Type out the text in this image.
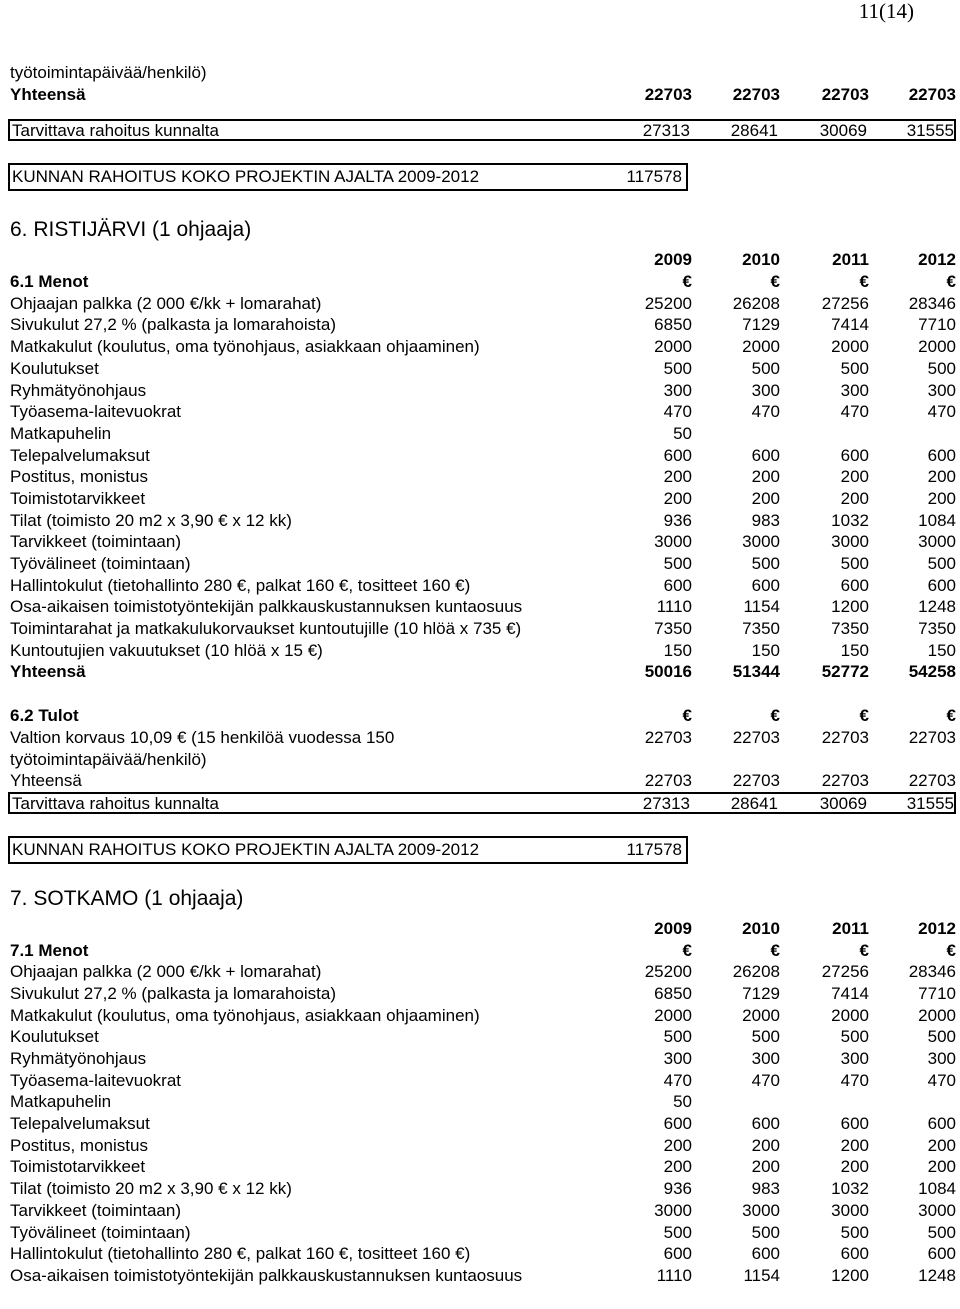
11(14)
työtoimintapäivää/henkilö)
Yhteensä	22703	22703	22703	22703
Tarvittava rahoitus kunnalta	27313	28641	30069	31555
KUNNAN RAHOITUS KOKO PROJEKTIN AJALTA 2009-2012	117578
6. RISTIJÄRVI (1 ohjaaja)
2009	2010	2011	2012
6.1 Menot	€	€	€	€
Ohjaajan palkka (2 000 €/kk + lomarahat)	25200	26208	27256	28346
Sivukulut 27,2 % (palkasta ja lomarahoista)	6850	7129	7414	7710
Matkakulut (koulutus, oma työnohjaus, asiakkaan ohjaaminen)	2000	2000	2000	2000
Koulutukset	500	500	500	500
Ryhmätyönohjaus	300	300	300	300
Työasema-laitevuokrat	470	470	470	470
Matkapuhelin	50
Telepalvelumaksut	600	600	600	600
Postitus, monistus	200	200	200	200
Toimistotarvikkeet	200	200	200	200
Tilat (toimisto 20 m2 x 3,90 € x 12 kk)	936	983	1032	1084
Tarvikkeet (toimintaan)	3000	3000	3000	3000
Työvälineet (toimintaan)	500	500	500	500
Hallintokulut (tietohallinto 280 €, palkat 160 €, tositteet 160 €)	600	600	600	600
Osa-aikaisen toimistotyöntekijän palkkauskustannuksen kuntaosuus	1110	1154	1200	1248
Toimintarahat ja matkakulukorvaukset kuntoutujille (10 hlöä x 735 €)	7350	7350	7350	7350
Kuntoutujien vakuutukset (10 hlöä x 15 €)	150	150	150	150
Yhteensä	50016	51344	52772	54258
6.2 Tulot	€	€	€	€
Valtion korvaus 10,09 € (15 henkilöä vuodessa 150	22703	22703	22703	22703
työtoimintapäivää/henkilö)
Yhteensä	22703	22703	22703	22703
Tarvittava rahoitus kunnalta	27313	28641	30069	31555
KUNNAN RAHOITUS KOKO PROJEKTIN AJALTA 2009-2012	117578
7. SOTKAMO (1 ohjaaja)
2009	2010	2011	2012
7.1 Menot	€	€	€	€
Ohjaajan palkka (2 000 €/kk + lomarahat)	25200	26208	27256	28346
Sivukulut 27,2 % (palkasta ja lomarahoista)	6850	7129	7414	7710
Matkakulut (koulutus, oma työnohjaus, asiakkaan ohjaaminen)	2000	2000	2000	2000
Koulutukset	500	500	500	500
Ryhmätyönohjaus	300	300	300	300
Työasema-laitevuokrat	470	470	470	470
Matkapuhelin	50
Telepalvelumaksut	600	600	600	600
Postitus, monistus	200	200	200	200
Toimistotarvikkeet	200	200	200	200
Tilat (toimisto 20 m2 x 3,90 € x 12 kk)	936	983	1032	1084
Tarvikkeet (toimintaan)	3000	3000	3000	3000
Työvälineet (toimintaan)	500	500	500	500
Hallintokulut (tietohallinto 280 €, palkat 160 €, tositteet 160 €)	600	600	600	600
Osa-aikaisen toimistotyöntekijän palkkauskustannuksen kuntaosuus	1110	1154	1200	1248
